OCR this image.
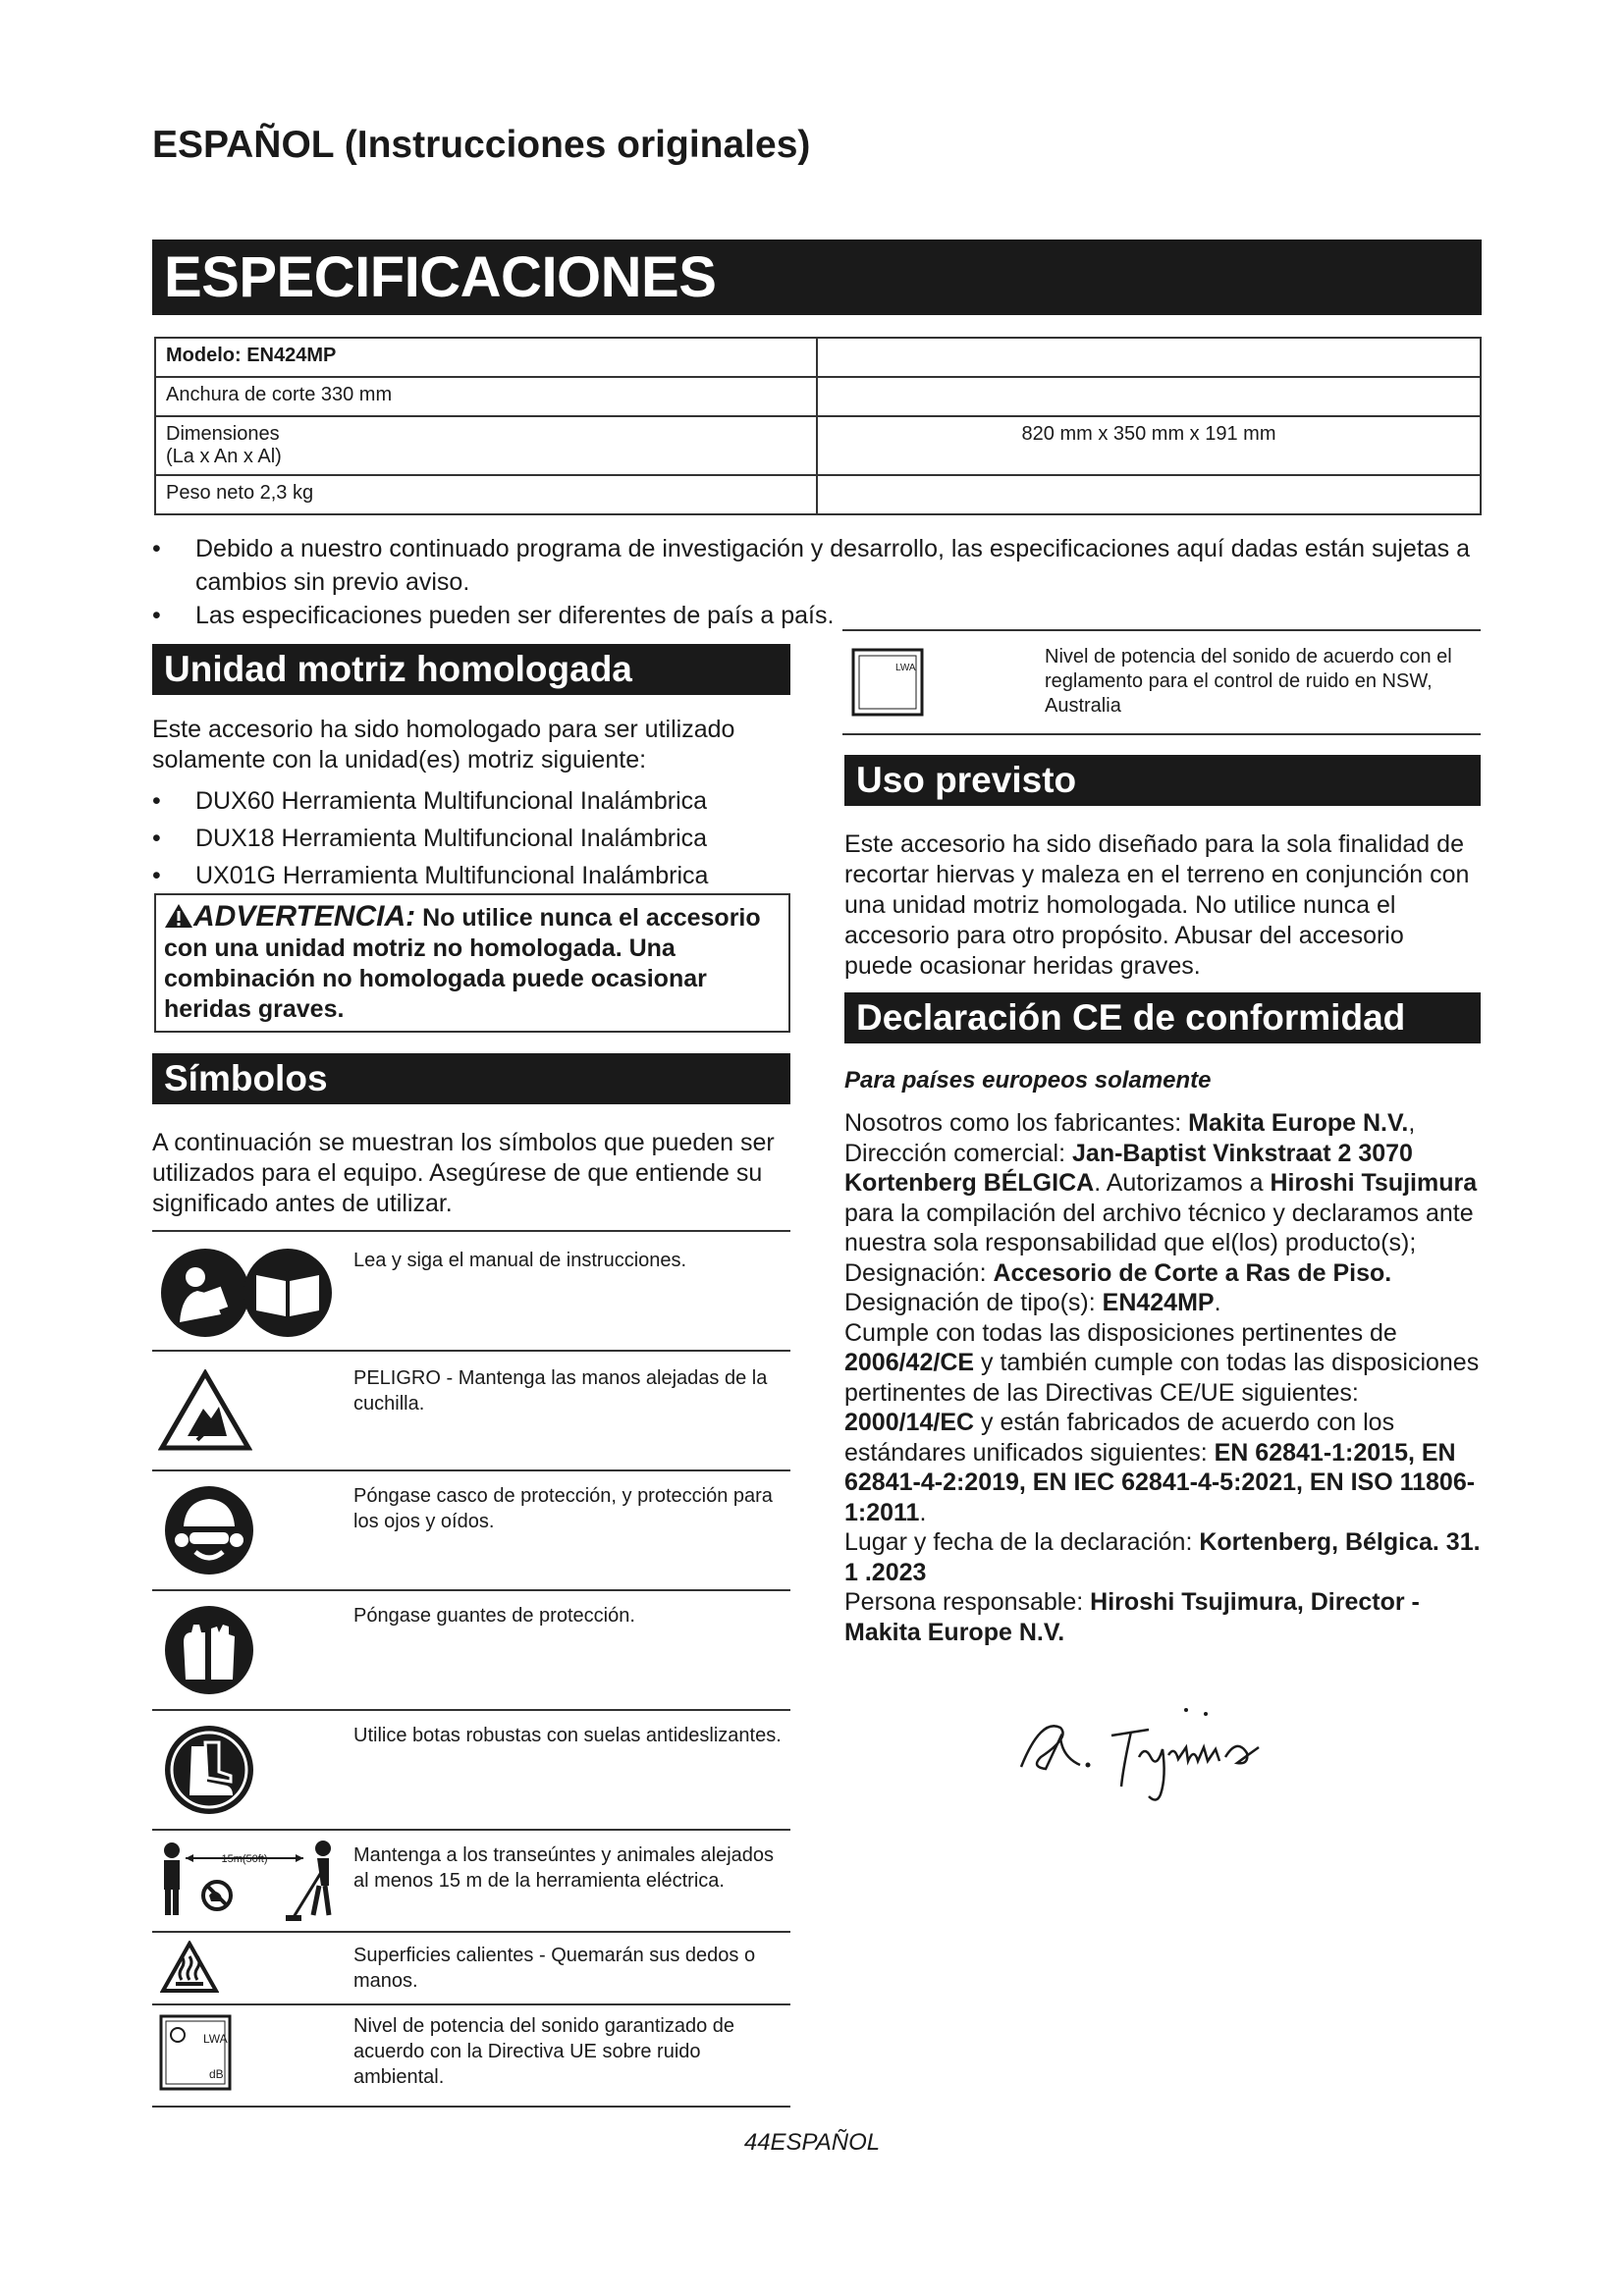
ESPAÑOL (Instrucciones originales)
ESPECIFICACIONES
Modelo: EN424MP	
Anchura de corte 330 mm	

Dimensiones
(La x An x Al)	820 mm x 350 mm x 191 mm
Peso neto 2,3 kg	
• Debido a nuestro continuado programa de investigación y desarrollo, las especificaciones aquí dadas están sujetas a cambios sin previo aviso.
• Las especificaciones pueden ser diferentes de país a país.
Unidad motriz homologada
Este accesorio ha sido homologado para ser utilizado solamente con la unidad(es) motriz siguiente:
• DUX60 Herramienta Multifuncional Inalámbrica
• DUX18 Herramienta Multifuncional Inalámbrica
• UX01G Herramienta Multifuncional Inalámbrica
ADVERTENCIA: No utilice nunca el accesorio con una unidad motriz no homologada. Una combinación no homologada puede ocasionar heridas graves.
Símbolos
A continuación se muestran los símbolos que pueden ser utilizados para el equipo. Asegúrese de que entiende su significado antes de utilizar.
Lea y siga el manual de instrucciones.
PELIGRO - Mantenga las manos alejadas de la cuchilla.
Póngase casco de protección, y protección para los ojos y oídos.
Póngase guantes de protección.
Utilice botas robustas con suelas antideslizantes.
15m(50ft)	Mantenga a los transeúntes y animales alejados al menos 15 m de la herramienta eléctrica.
Superficies calientes - Quemarán sus dedos o manos.
LWA
dB
Nivel de potencia del sonido garantizado de acuerdo con la Directiva UE sobre ruido ambiental.
LWA
Nivel de potencia del sonido de acuerdo con el reglamento para el control de ruido en NSW, Australia
Uso previsto
Este accesorio ha sido diseñado para la sola finalidad de recortar hiervas y maleza en el terreno en conjunción con una unidad motriz homologada. No utilice nunca el accesorio para otro propósito. Abusar del accesorio puede ocasionar heridas graves.
Declaración CE de conformidad
Para países europeos solamente
Nosotros como los fabricantes: Makita Europe N.V., Dirección comercial: Jan-Baptist Vinkstraat 2 3070 Kortenberg BÉLGICA. Autorizamos a Hiroshi Tsujimura para la compilación del archivo técnico y declaramos ante nuestra sola responsabilidad que el(los) producto(s);
Designación: Accesorio de Corte a Ras de Piso.
Designación de tipo(s): EN424MP.
Cumple con todas las disposiciones pertinentes de 2006/42/CE y también cumple con todas las disposiciones pertinentes de las Directivas CE/UE siguientes: 2000/14/EC y están fabricados de acuerdo con los estándares unificados siguientes: EN 62841-1:2015, EN 62841-4-2:2019, EN IEC 62841-4-5:2021, EN ISO 11806-1:2011.
Lugar y fecha de la declaración: Kortenberg, Bélgica. 31. 1 .2023
Persona responsable: Hiroshi Tsujimura, Director - Makita Europe N.V.
44ESPAÑOL
